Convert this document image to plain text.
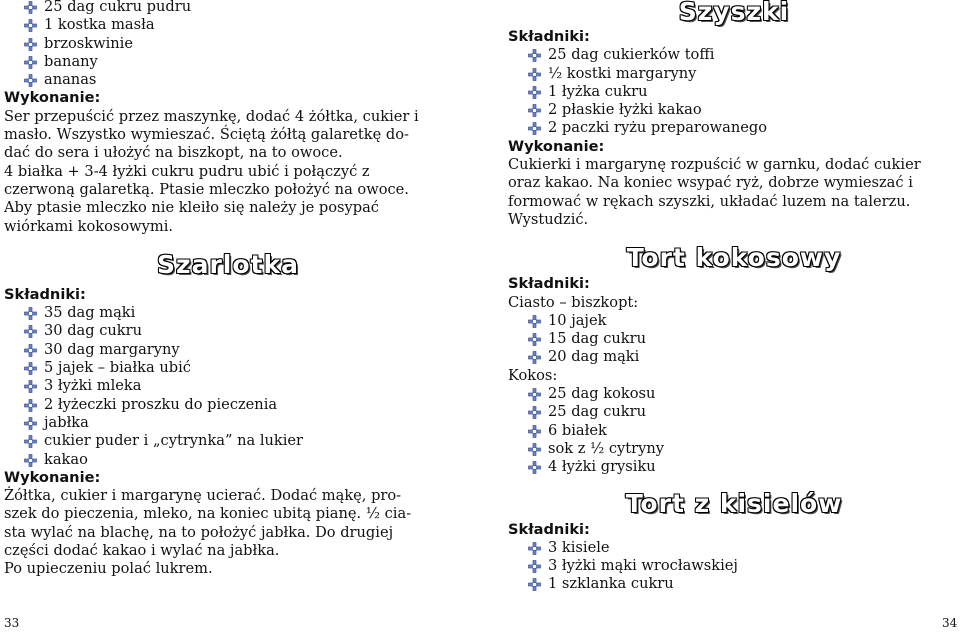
25 dag cukru pudru
1 kostka masła
brzoskwinie
banany
ananas
Wykonanie:
Ser przepuścić przez maszynkę, dodać 4 żółtka, cukier i
masło. Wszystko wymieszać. Ściętą żółtą galaretkę do-
dać do sera i ułożyć na biszkopt, na to owoce.
4 białka + 3-4 łyżki cukru pudru ubić i połączyć z
czerwoną galaretką. Ptasie mleczko położyć na owoce.
Aby ptasie mleczko nie kleiło się należy je posypać
wiórkami kokosowymi.
Szarlotka
Składniki:
35 dag mąki
30 dag cukru
30 dag margaryny
5 jajek – białka ubić
3 łyżki mleka
2 łyżeczki proszku do pieczenia
jabłka
cukier puder i „cytrynka” na lukier
kakao
Wykonanie:
Żółtka, cukier i margarynę ucierać. Dodać mąkę, pro-
szek do pieczenia, mleko, na koniec ubitą pianę. ½ cia-
sta wylać na blachę, na to położyć jabłka. Do drugiej
części dodać kakao i wylać na jabłka.
Po upieczeniu polać lukrem.
33
Szyszki
Składniki:
25 dag cukierków toffi
½ kostki margaryny
1 łyżka cukru
2 płaskie łyżki kakao
2 paczki ryżu preparowanego
Wykonanie:
Cukierki i margarynę rozpuścić w garnku, dodać cukier
oraz kakao. Na koniec wsypać ryż, dobrze wymieszać i
formować w rękach szyszki, układać luzem na talerzu.
Wystudzić.
Tort kokosowy
Składniki:
Ciasto – biszkopt:
10 jajek
15 dag cukru
20 dag mąki
Kokos:
25 dag kokosu
25 dag cukru
6 białek
sok z ½ cytryny
4 łyżki grysiku
Tort z kisielów
Składniki:
3 kisiele
3 łyżki mąki wrocławskiej
1 szklanka cukru
34
